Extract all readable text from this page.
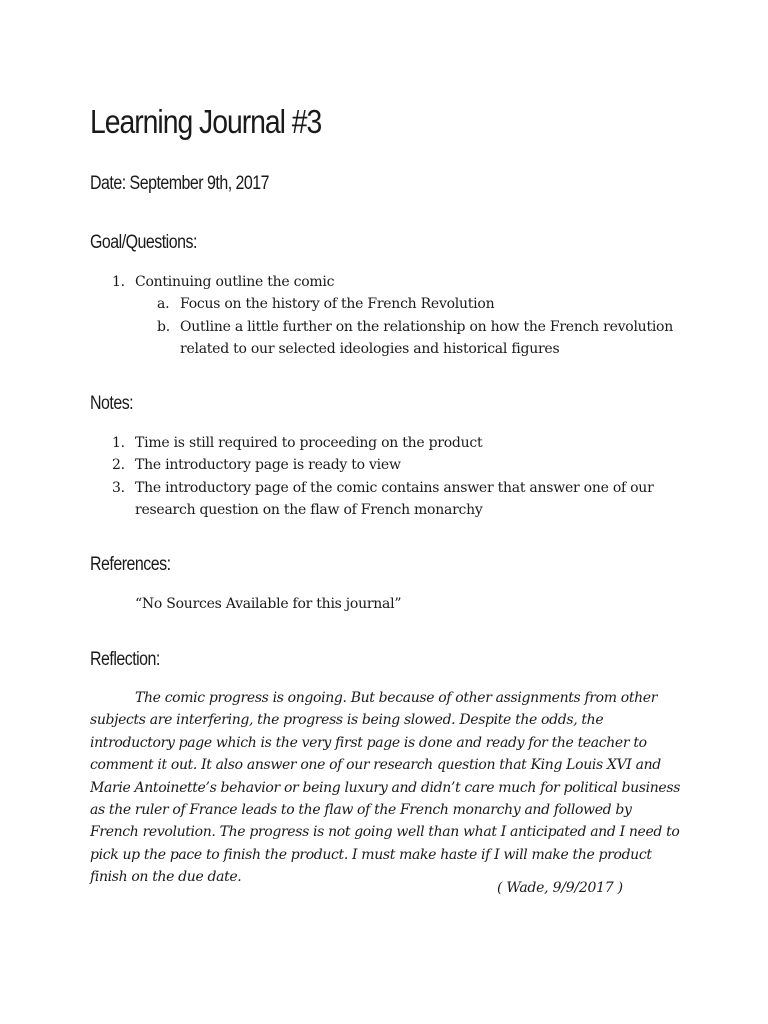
Learning Journal #3
Date: September 9th, 2017
Goal/Questions:
1. Continuing outline the comic
a. Focus on the history of the French Revolution
b. Outline a little further on the relationship on how the French revolution related to our selected ideologies and historical figures
Notes:
1. Time is still required to proceeding on the product
2. The introductory page is ready to view
3. The introductory page of the comic contains answer that answer one of our research question on the flaw of French monarchy
References:
“No Sources Available for this journal”
Reflection:

The comic progress is ongoing. But because of other assignments from other subjects are interfering, the progress is being slowed. Despite the odds, the introductory page which is the very first page is done and ready for the teacher to comment it out. It also answer one of our research question that King Louis XVI and Marie Antoinette’s behavior or being luxury and didn’t care much for political business as the ruler of France leads to the flaw of the French monarchy and followed by French revolution. The progress is not going well than what I anticipated and I need to pick up the pace to finish the product. I must make haste if I will make the product finish on the due date.

( Wade, 9/9/2017 )
